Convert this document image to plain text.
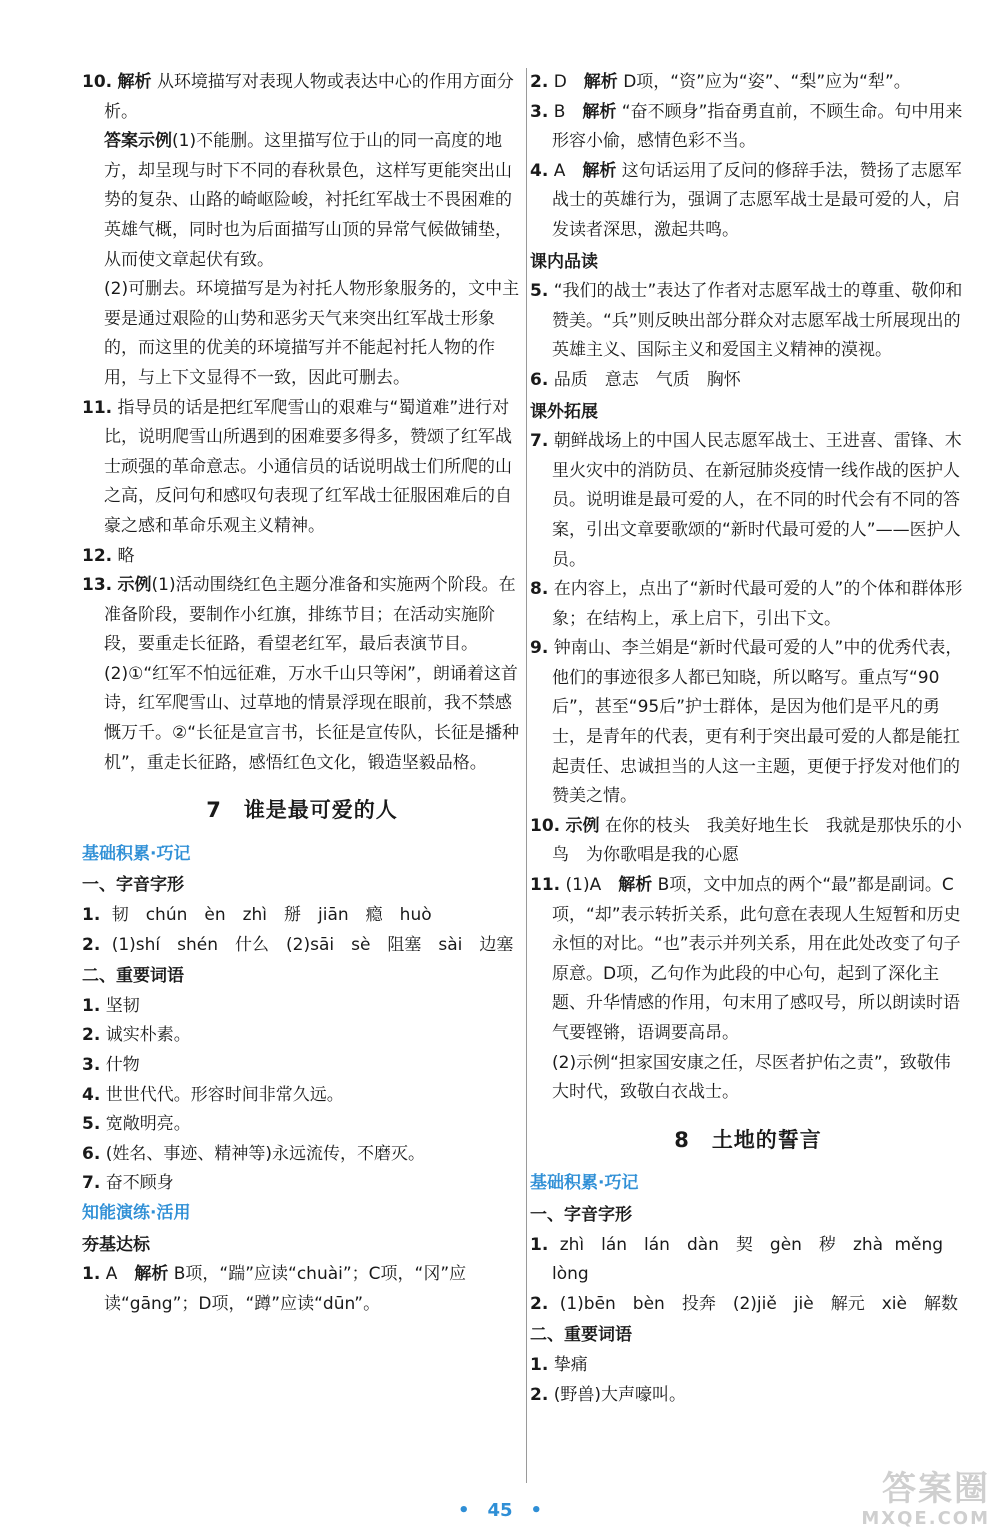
10. 解析 从环境描写对表现人物或表达中心的作用方面分析。
答案示例(1)不能删。这里描写位于山的同一高度的地方，却呈现与时下不同的春秋景色，这样写更能突出山势的复杂、山路的崎岖险峻，衬托红军战士不畏困难的英雄气概，同时也为后面描写山顶的异常气候做铺垫，从而使文章起伏有致。
(2)可删去。环境描写是为衬托人物形象服务的，文中主要是通过艰险的山势和恶劣天气来突出红军战士形象的，而这里的优美的环境描写并不能起衬托人物的作用，与上下文显得不一致，因此可删去。
11. 指导员的话是把红军爬雪山的艰难与“蜀道难”进行对比，说明爬雪山所遇到的困难要多得多，赞颂了红军战士顽强的革命意志。小通信员的话说明战士们所爬的山之高，反问句和感叹句表现了红军战士征服困难后的自豪之感和革命乐观主义精神。
12. 略
13. 示例(1)活动围绕红色主题分准备和实施两个阶段。在准备阶段，要制作小红旗，排练节目；在活动实施阶段，要重走长征路，看望老红军，最后表演节目。
(2)①“红军不怕远征难，万水千山只等闲”，朗诵着这首诗，红军爬雪山、过草地的情景浮现在眼前，我不禁感慨万千。②“长征是宣言书，长征是宣传队，长征是播种机”，重走长征路，感悟红色文化，锻造坚毅品格。
7 谁是最可爱的人
基础积累·巧记
一、字音字形
1. 韧　chún　èn　zhì　掰　jiān　瘾　huò
2. (1)shí　shén　什么　(2)sāi　sè　阻塞　sài　边塞
二、重要词语
1. 坚韧
2. 诚实朴素。
3. 什物
4. 世世代代。形容时间非常久远。
5. 宽敞明亮。
6. (姓名、事迹、精神等)永远流传，不磨灭。
7. 奋不顾身
知能演练·活用
夯基达标
1. A　解析 B项，“踹”应读“chuài”；C项，“冈”应读“gāng”；D项，“蹲”应读“dūn”。
2. D　解析 D项，“资”应为“姿”、“梨”应为“犁”。
3. B　解析 “奋不顾身”指奋勇直前，不顾生命。句中用来形容小偷，感情色彩不当。
4. A　解析 这句话运用了反问的修辞手法，赞扬了志愿军战士的英雄行为，强调了志愿军战士是最可爱的人，启发读者深思，激起共鸣。
课内品读
5. “我们的战士”表达了作者对志愿军战士的尊重、敬仰和赞美。“兵”则反映出部分群众对志愿军战士所展现出的英雄主义、国际主义和爱国主义精神的漠视。
6. 品质　意志　气质　胸怀
课外拓展
7. 朝鲜战场上的中国人民志愿军战士、王进喜、雷锋、木里火灾中的消防员、在新冠肺炎疫情一线作战的医护人员。说明谁是最可爱的人，在不同的时代会有不同的答案，引出文章要歌颂的“新时代最可爱的人”——医护人员。
8. 在内容上，点出了“新时代最可爱的人”的个体和群体形象；在结构上，承上启下，引出下文。
9. 钟南山、李兰娟是“新时代最可爱的人”中的优秀代表，他们的事迹很多人都已知晓，所以略写。重点写“90后”，甚至“95后”护士群体，是因为他们是平凡的勇士，是青年的代表，更有利于突出最可爱的人都是能扛起责任、忠诚担当的人这一主题，更便于抒发对他们的赞美之情。
10. 示例 在你的枝头　我美好地生长　我就是那快乐的小鸟　为你歌唱是我的心愿
11. (1)A　解析 B项，文中加点的两个“最”都是副词。C项，“却”表示转折关系，此句意在表现人生短暂和历史永恒的对比。“也”表示并列关系，用在此处改变了句子原意。D项，乙句作为此段的中心句，起到了深化主题、升华情感的作用，句末用了感叹号，所以朗读时语气要铿锵，语调要高昂。
(2)示例“担家国安康之任，尽医者护佑之责”，致敬伟大时代，致敬白衣战士。
8 土地的誓言
基础积累·巧记
一、字音字形
1. zhì　lán　lán　dàn　契　gèn　秽　zhà měng　lòng
2. (1)bēn　bèn　投奔　(2)jiě　jiè　解元　xiè　解数
二、重要词语
1. 挚痛
2. (野兽)大声嚎叫。
•　45　•
答案圈
MXQE.COM
